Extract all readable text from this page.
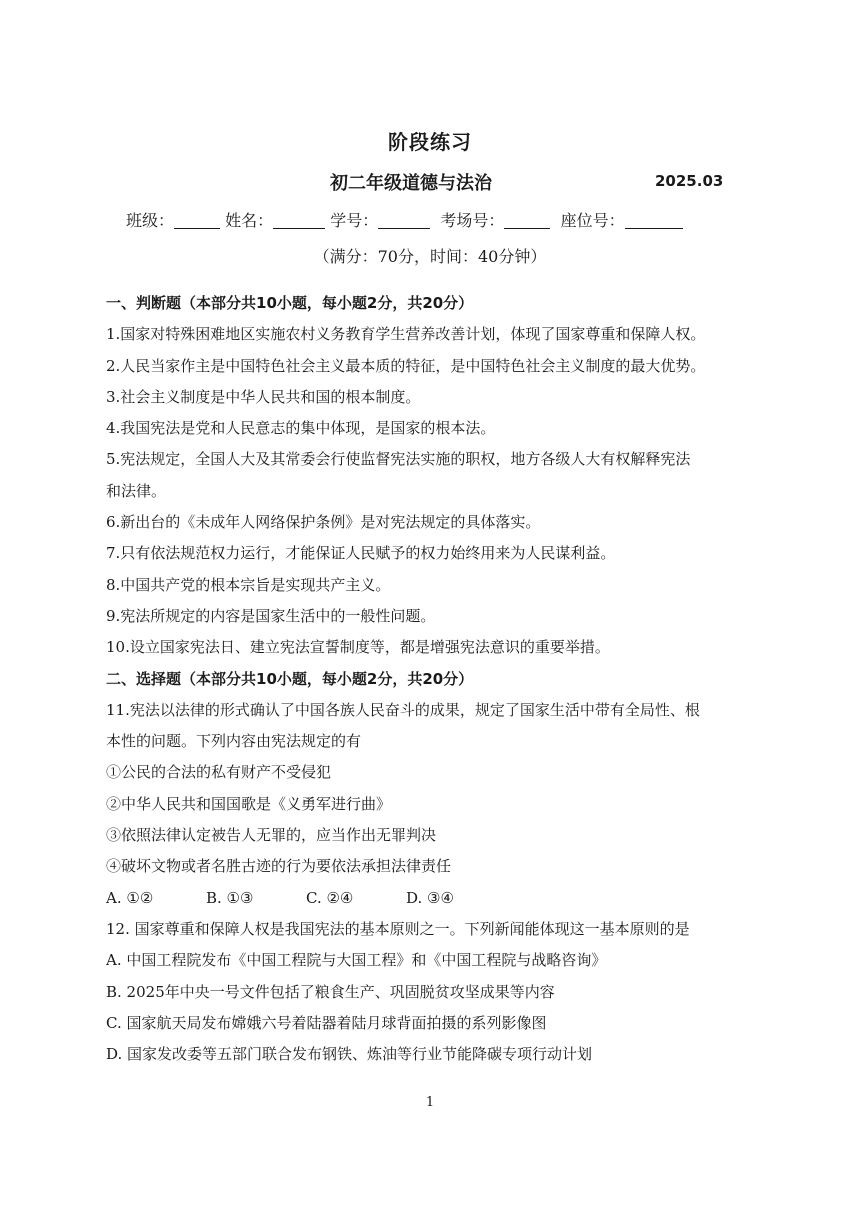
阶段练习
初二年级道德与法治	2025.03
班级：	姓名：	学号：	考场号：	座位号：
（满分：70分，时间：40分钟）
一、判断题（本部分共10小题，每小题2分，共20分）
1.国家对特殊困难地区实施农村义务教育学生营养改善计划，体现了国家尊重和保障人权。
2.人民当家作主是中国特色社会主义最本质的特征，是中国特色社会主义制度的最大优势。
3.社会主义制度是中华人民共和国的根本制度。
4.我国宪法是党和人民意志的集中体现，是国家的根本法。
5.宪法规定，全国人大及其常委会行使监督宪法实施的职权，地方各级人大有权解释宪法
和法律。
6.新出台的《未成年人网络保护条例》是对宪法规定的具体落实。
7.只有依法规范权力运行，才能保证人民赋予的权力始终用来为人民谋利益。
8.中国共产党的根本宗旨是实现共产主义。
9.宪法所规定的内容是国家生活中的一般性问题。
10.设立国家宪法日、建立宪法宣誓制度等，都是增强宪法意识的重要举措。
二、选择题（本部分共10小题，每小题2分，共20分）
11.宪法以法律的形式确认了中国各族人民奋斗的成果，规定了国家生活中带有全局性、根
本性的问题。下列内容由宪法规定的有
①公民的合法的私有财产不受侵犯
②中华人民共和国国歌是《义勇军进行曲》
③依照法律认定被告人无罪的，应当作出无罪判决
④破坏文物或者名胜古迹的行为要依法承担法律责任
A. ①②	B. ①③	C. ②④	D. ③④
12. 国家尊重和保障人权是我国宪法的基本原则之一。下列新闻能体现这一基本原则的是
A. 中国工程院发布《中国工程院与大国工程》和《中国工程院与战略咨询》
B. 2025年中央一号文件包括了粮食生产、巩固脱贫攻坚成果等内容
C. 国家航天局发布嫦娥六号着陆器着陆月球背面拍摄的系列影像图
D. 国家发改委等五部门联合发布钢铁、炼油等行业节能降碳专项行动计划
1
